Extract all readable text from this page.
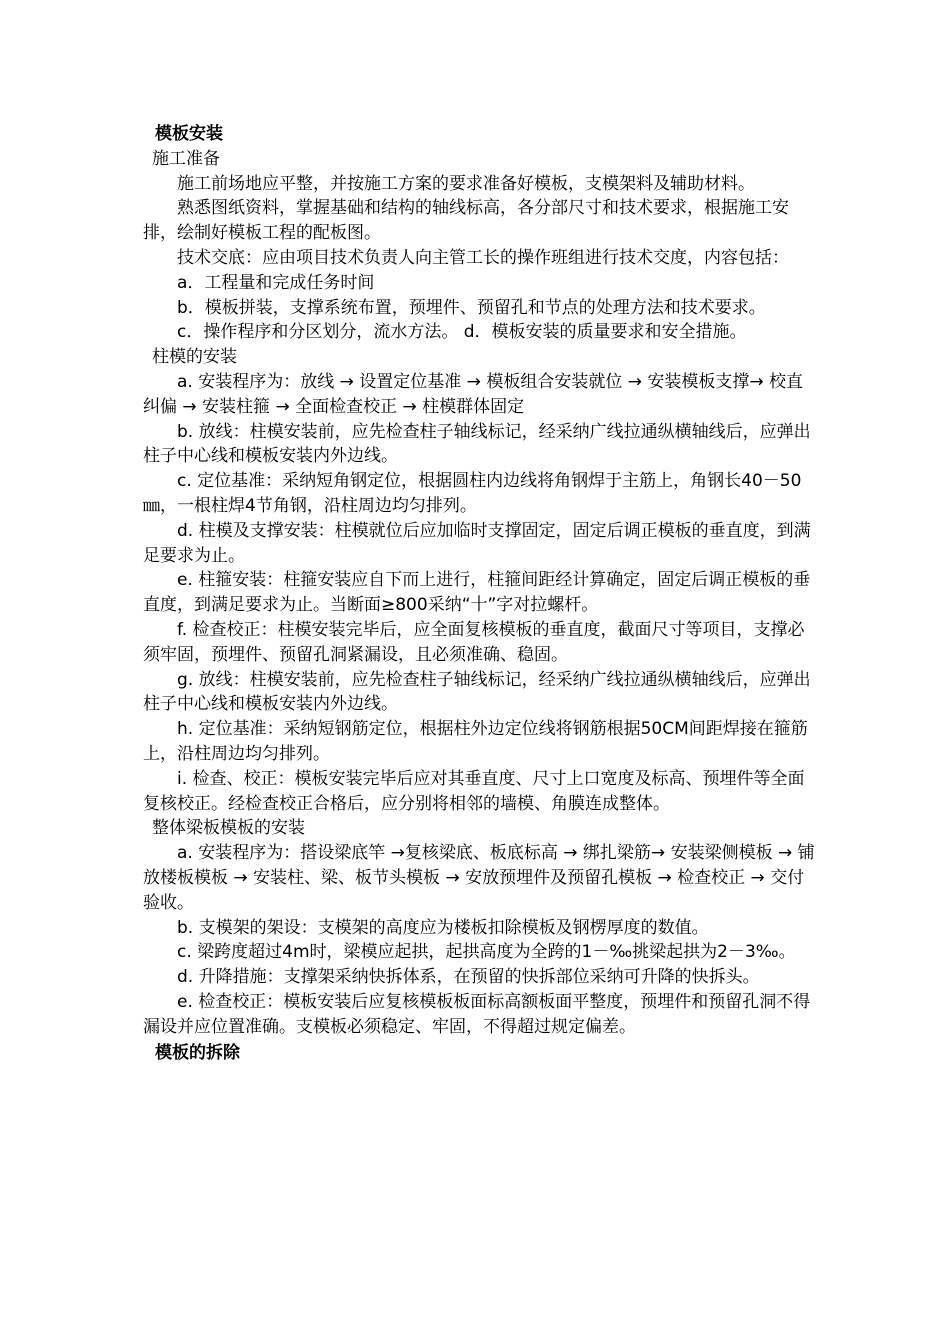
模板安装

施工准备

施工前场地应平整，并按施工方案的要求准备好模板，支模架料及辅助材料。

熟悉图纸资料，掌握基础和结构的轴线标高，各分部尺寸和技术要求，根据施工安排，绘制好模板工程的配板图。

技术交底：应由项目技术负责人向主管工长的操作班组进行技术交度，内容包括：

a．工程量和完成任务时间

b．模板拼装，支撑系统布置，预埋件、预留孔和节点的处理方法和技术要求。

c．操作程序和分区划分，流水方法。 d．模板安装的质量要求和安全措施。

柱模的安装

a. 安装程序为：放线 → 设置定位基准 → 模板组合安装就位 → 安装模板支撑→ 校直纠偏 → 安装柱箍 → 全面检查校正 → 柱模群体固定

b. 放线：柱模安装前，应先检查柱子轴线标记，经采纳广线拉通纵横轴线后，应弹出柱子中心线和模板安装内外边线。

c. 定位基准：采纳短角钢定位，根据圆柱内边线将角钢焊于主筋上，角钢长40－50㎜，一根柱焊4节角钢，沿柱周边均匀排列。

d. 柱模及支撑安装：柱模就位后应加临时支撑固定，固定后调正模板的垂直度，到满足要求为止。

e. 柱箍安装：柱箍安装应自下而上进行，柱箍间距经计算确定，固定后调正模板的垂直度，到满足要求为止。当断面≥800采纳“十”字对拉螺杆。

f. 检查校正：柱模安装完毕后，应全面复核模板的垂直度，截面尺寸等项目，支撑必须牢固，预埋件、预留孔洞紧漏设，且必须准确、稳固。

g. 放线：柱模安装前，应先检查柱子轴线标记，经采纳广线拉通纵横轴线后，应弹出柱子中心线和模板安装内外边线。

h. 定位基准：采纳短钢筋定位，根据柱外边定位线将钢筋根据50CM间距焊接在箍筋上，沿柱周边均匀排列。

i. 检查、校正：模板安装完毕后应对其垂直度、尺寸上口宽度及标高、预埋件等全面复核校正。经检查校正合格后，应分别将相邻的墙模、角膜连成整体。

整体梁板模板的安装

a. 安装程序为：搭设梁底竿 →复核梁底、板底标高 → 绑扎梁筋→ 安装梁侧模板 → 铺放楼板模板 → 安装柱、梁、板节头模板 → 安放预埋件及预留孔模板 → 检查校正 → 交付验收。

b. 支模架的架设：支模架的高度应为楼板扣除模板及钢楞厚度的数值。

c. 梁跨度超过4m时，梁模应起拱，起拱高度为全跨的1－‰挑梁起拱为2－3‰。

d. 升降措施：支撑架采纳快拆体系，在预留的快拆部位采纳可升降的快拆头。

e. 检查校正：模板安装后应复核模板板面标高额板面平整度，预埋件和预留孔洞不得漏设并应位置准确。支模板必须稳定、牢固，不得超过规定偏差。

模板的拆除
